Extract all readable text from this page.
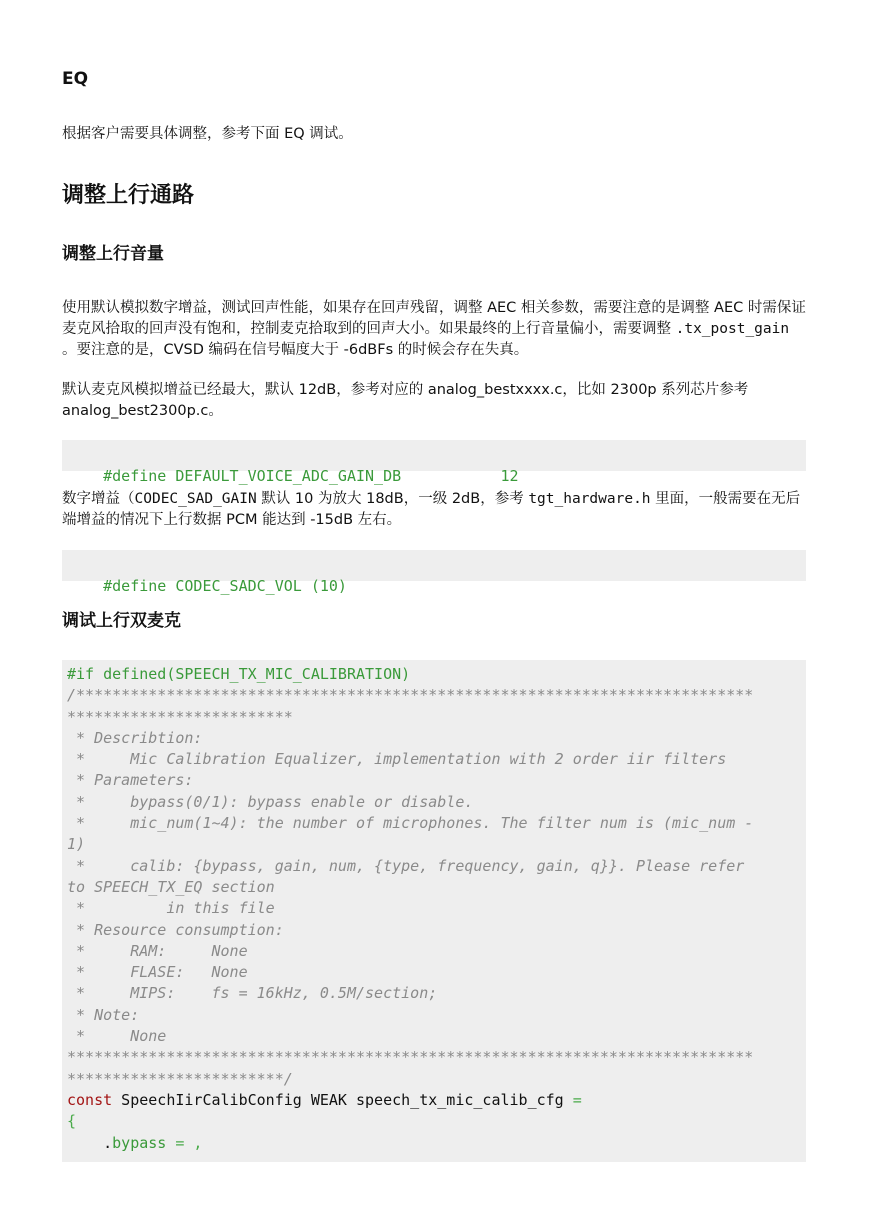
EQ

根据客户需要具体调整，参考下面 EQ 调试。

调整上行通路
调整上行音量

使用默认模拟数字增益，测试回声性能，如果存在回声残留，调整 AEC 相关参数，需要注意的是调整 AEC 时需保证麦克风拾取的回声没有饱和，控制麦克拾取到的回声大小。如果最终的上行音量偏小，需要调整 .tx_post_gain 。要注意的是，CVSD 编码在信号幅度大于 -6dBFs 的时候会存在失真。

默认麦克风模拟增益已经最大，默认 12dB，参考对应的 analog_bestxxxx.c，比如 2300p 系列芯片参考 analog_best2300p.c。

#define DEFAULT_VOICE_ADC_GAIN_DB           12

数字增益（CODEC_SAD_GAIN 默认 10 为放大 18dB，一级 2dB，参考 tgt_hardware.h 里面，一般需要在无后端增益的情况下上行数据 PCM 能达到 -15dB 左右。

#define CODEC_SADC_VOL (10)

调试上行双麦克
#if defined(SPEECH_TX_MIC_CALIBRATION)
/***************************************************************************
*************************
* Describtion:
*     Mic Calibration Equalizer, implementation with 2 order iir filters
* Parameters:
*     bypass(0/1): bypass enable or disable.
*     mic_num(1~4): the number of microphones. The filter num is (mic_num -
1)
*     calib: {bypass, gain, num, {type, frequency, gain, q}}. Please refer
to SPEECH_TX_EQ section
*         in this file
* Resource consumption:
*     RAM:     None
*     FLASE:   None
*     MIPS:    fs = 16kHz, 0.5M/section;
* Note:
*     None
****************************************************************************
************************/
const SpeechIirCalibConfig WEAK speech_tx_mic_calib_cfg =
{
.bypass = ,
